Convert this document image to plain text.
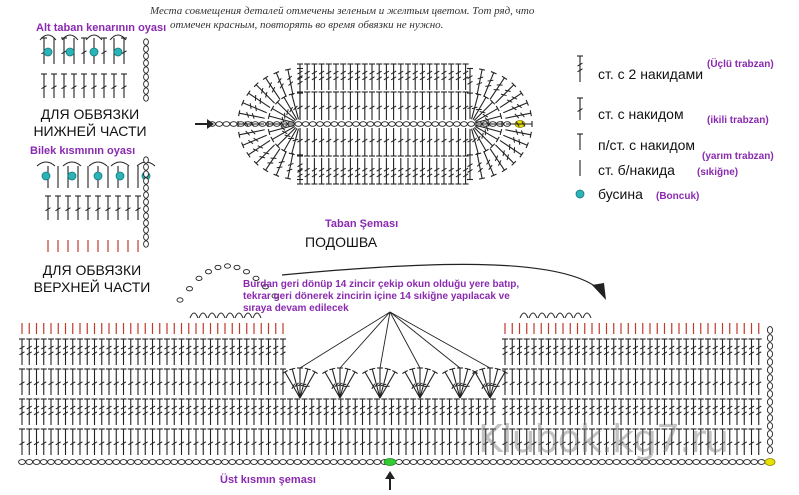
Места совмещения деталей отмечены зеленым и желтым цветом. Тот ряд, что
отмечен красным, повторять во время обвязки не нужно.
Alt taban kenarının oyası
ДЛЯ ОБВЯЗКИ
НИЖНЕЙ ЧАСТИ
Bilek kısmının oyası
ДЛЯ ОБВЯЗКИ
ВЕРХНЕЙ ЧАСТИ
Taban Şeması
ПОДОШВА
ст. с 2 накидами
(Üçlü trabzan)
ст. с накидом (ikili trabzan)
п/ст. с накидом
(yarım trabzan)
ст. б/накида (sıkiğne)
бусина (Boncuk)
Burdan geri dönüp 14 zincir çekip okun olduğu yere batıp,
tekrar geri dönerek zincirin içine 14 sıkiğne yapılacak ve
sıraya devam edilecek
Üst kısmın şeması
Klubok.kg7.ru
